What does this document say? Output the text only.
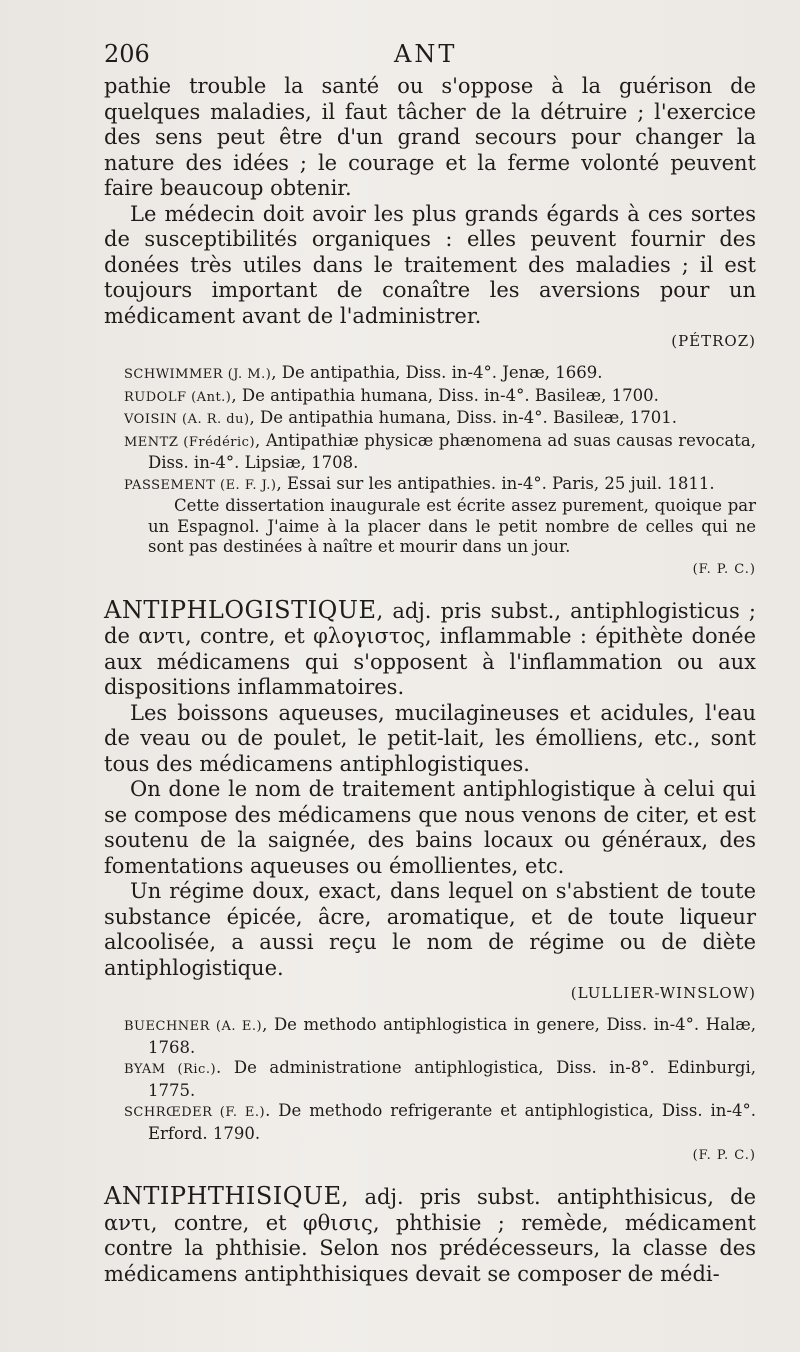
206	ANT

pathie trouble la santé ou s'oppose à la guérison de quelques maladies, il faut tâcher de la détruire ; l'exercice des sens peut être d'un grand secours pour changer la nature des idées ; le courage et la ferme volonté peuvent faire beaucoup obtenir.

Le médecin doit avoir les plus grands égards à ces sortes de susceptibilités organiques : elles peuvent fournir des donées très utiles dans le traitement des maladies ; il est toujours important de conaître les aversions pour un médicament avant de l'administrer.

(PÉTROZ)

SCHWIMMER (J. M.), De antipathia, Diss. in-4°. Jenæ, 1669.

RUDOLF (Ant.), De antipathia humana, Diss. in-4°. Basileæ, 1700.

VOISIN (A. R. du), De antipathia humana, Diss. in-4°. Basileæ, 1701.

MENTZ (Frédéric), Antipathiæ physicæ phænomena ad suas causas revocata, Diss. in-4°. Lipsiæ, 1708.

PASSEMENT (E. F. J.), Essai sur les antipathies. in-4°. Paris, 25 juil. 1811.

Cette dissertation inaugurale est écrite assez purement, quoique par un Espagnol. J'aime à la placer dans le petit nombre de celles qui ne sont pas destinées à naître et mourir dans un jour.

(F. P. C.)

ANTIPHLOGISTIQUE, adj. pris subst., antiphlogisticus ; de αντι, contre, et φλογιστος, inflammable : épithète donée aux médicamens qui s'opposent à l'inflammation ou aux dispositions inflammatoires.

Les boissons aqueuses, mucilagineuses et acidules, l'eau de veau ou de poulet, le petit-lait, les émolliens, etc., sont tous des médicamens antiphlogistiques.

On done le nom de traitement antiphlogistique à celui qui se compose des médicamens que nous venons de citer, et est soutenu de la saignée, des bains locaux ou généraux, des fomentations aqueuses ou émollientes, etc.

Un régime doux, exact, dans lequel on s'abstient de toute substance épicée, âcre, aromatique, et de toute liqueur alcoolisée, a aussi reçu le nom de régime ou de diète antiphlogistique.

(LULLIER-WINSLOW)

BUECHNER (A. E.), De methodo antiphlogistica in genere, Diss. in-4°. Halæ, 1768.

BYAM (Ric.). De administratione antiphlogistica, Diss. in-8°. Edinburgi, 1775.

SCHRŒDER (F. E.). De methodo refrigerante et antiphlogistica, Diss. in-4°. Erford. 1790.

(F. P. C.)

ANTIPHTHISIQUE, adj. pris subst. antiphthisicus, de αντι, contre, et φθισις, phthisie ; remède, médicament contre la phthisie. Selon nos prédécesseurs, la classe des médicamens antiphthisiques devait se composer de médi-
